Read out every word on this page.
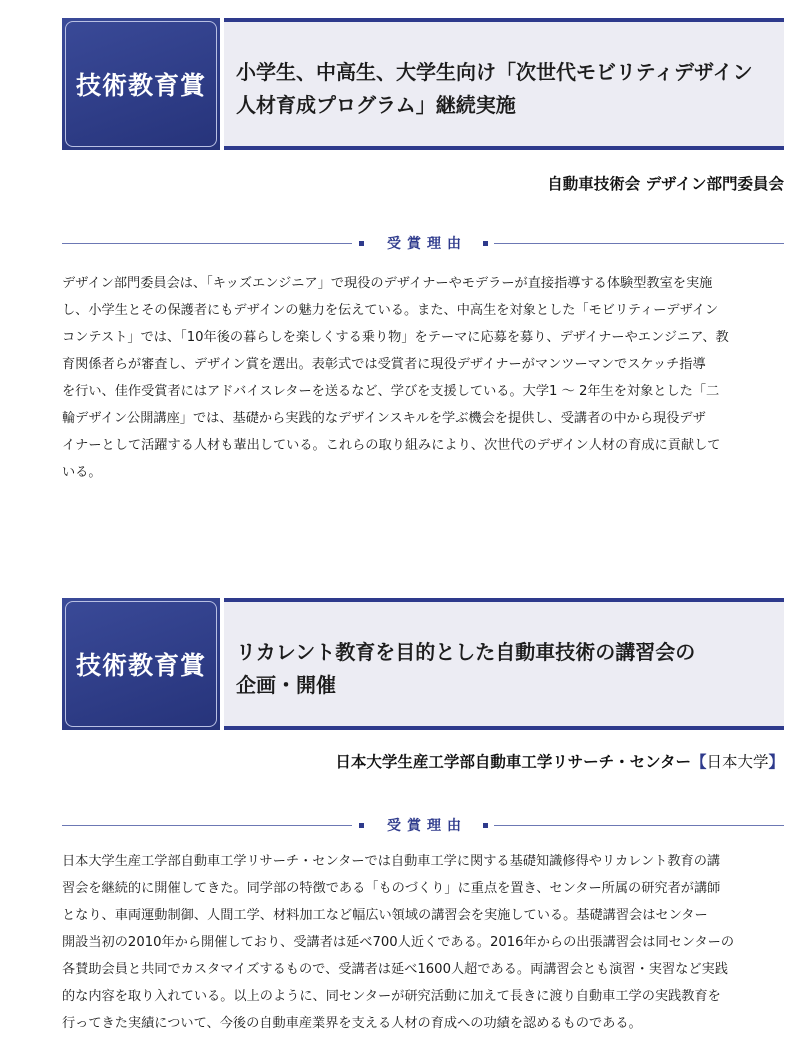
技術教育賞 小学生、中高生、大学生向け「次世代モビリティデザイン
人材育成プログラム」継続実施
自動車技術会 デザイン部門委員会
受賞理由
デザイン部門委員会は、「キッズエンジニア」で現役のデザイナーやモデラーが直接指導する体験型教室を実施
し、小学生とその保護者にもデザインの魅力を伝えている。また、中高生を対象とした「モビリティーデザイン
コンテスト」では、「10年後の暮らしを楽しくする乗り物」をテーマに応募を募り、デザイナーやエンジニア、教
育関係者らが審査し、デザイン賞を選出。表彰式では受賞者に現役デザイナーがマンツーマンでスケッチ指導
を行い、佳作受賞者にはアドバイスレターを送るなど、学びを支援している。大学1 ～ 2年生を対象とした「二
輪デザイン公開講座」では、基礎から実践的なデザインスキルを学ぶ機会を提供し、受講者の中から現役デザ
イナーとして活躍する人材も輩出している。これらの取り組みにより、次世代のデザイン人材の育成に貢献して
いる。
技術教育賞 リカレント教育を目的とした自動車技術の講習会の
企画・開催
日本大学生産工学部自動車工学リサーチ・センター【日本大学】
受賞理由
日本大学生産工学部自動車工学リサーチ・センターでは自動車工学に関する基礎知識修得やリカレント教育の講
習会を継続的に開催してきた。同学部の特徴である「ものづくり」に重点を置き、センター所属の研究者が講師
となり、車両運動制御、人間工学、材料加工など幅広い領域の講習会を実施している。基礎講習会はセンター
開設当初の2010年から開催しており、受講者は延べ700人近くである。2016年からの出張講習会は同センターの
各賛助会員と共同でカスタマイズするもので、受講者は延べ1600人超である。両講習会とも演習・実習など実践
的な内容を取り入れている。以上のように、同センターが研究活動に加えて長きに渡り自動車工学の実践教育を
行ってきた実績について、今後の自動車産業界を支える人材の育成への功績を認めるものである。
